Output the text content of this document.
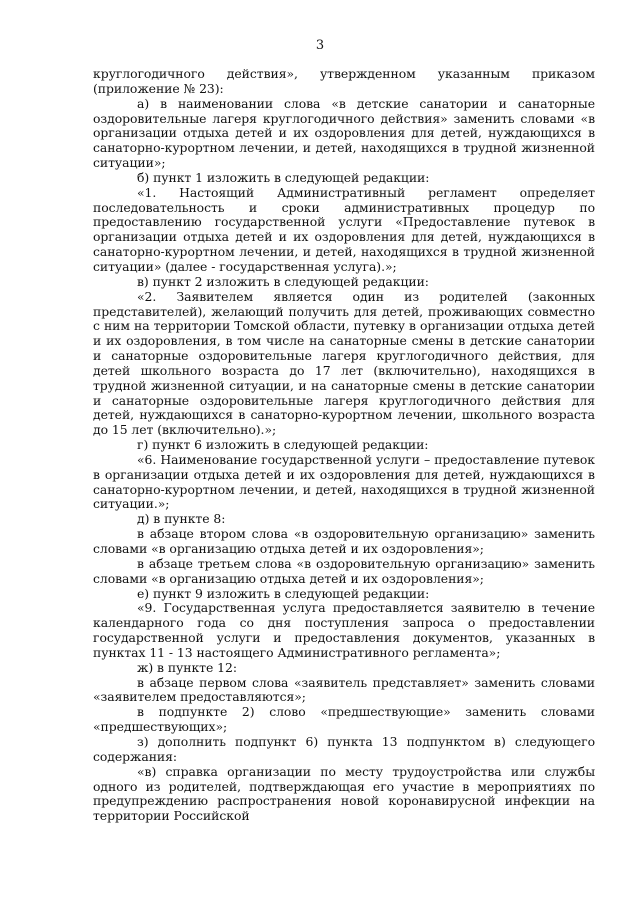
3

круглогодичного действия», утвержденном указанным приказом (приложение № 23):

а) в наименовании слова «в детские санатории и санаторные оздоровительные лагеря круглогодичного действия» заменить словами «в организации отдыха детей и их оздоровления для детей, нуждающихся в санаторно-курортном лечении, и детей, находящихся в трудной жизненной ситуации»;

б) пункт 1 изложить в следующей редакции:

«1. Настоящий Административный регламент определяет последовательность и сроки административных процедур по предоставлению государственной услуги «Предоставление путевок в организации отдыха детей и их оздоровления для детей, нуждающихся в санаторно-курортном лечении, и детей, находящихся в трудной жизненной ситуации» (далее - государственная услуга).»;

в) пункт 2 изложить в следующей редакции:

«2. Заявителем является один из родителей (законных представителей), желающий получить для детей, проживающих совместно с ним на территории Томской области, путевку в организации отдыха детей и их оздоровления, в том числе на санаторные смены в детские санатории и санаторные оздоровительные лагеря круглогодичного действия, для детей школьного возраста до 17 лет (включительно), находящихся в трудной жизненной ситуации, и на санаторные смены в детские санатории и санаторные оздоровительные лагеря круглогодичного действия для детей, нуждающихся в санаторно-курортном лечении, школьного возраста до 15 лет (включительно).»;

г) пункт 6 изложить в следующей редакции:

«6. Наименование государственной услуги – предоставление путевок в организации отдыха детей и их оздоровления для детей, нуждающихся в санаторно-курортном лечении, и детей, находящихся в трудной жизненной ситуации.»;

д) в пункте 8:

в абзаце втором слова «в оздоровительную организацию» заменить словами «в организацию отдыха детей и их оздоровления»;

в абзаце третьем слова «в оздоровительную организацию» заменить словами «в организацию отдыха детей и их оздоровления»;

е) пункт 9 изложить в следующей редакции:

«9. Государственная услуга предоставляется заявителю в течение календарного года со дня поступления запроса о предоставлении государственной услуги и предоставления документов, указанных в пунктах 11 - 13 настоящего Административного регламента»;

ж) в пункте 12:

в абзаце первом слова «заявитель представляет» заменить словами «заявителем предоставляются»;

в подпункте 2) слово «предшествующие» заменить словами «предшествующих»;

з) дополнить подпункт 6) пункта 13 подпунктом в) следующего содержания:

«в) справка организации по месту трудоустройства или службы одного из родителей, подтверждающая его участие в мероприятиях по предупреждению распространения новой коронавирусной инфекции на территории Российской
